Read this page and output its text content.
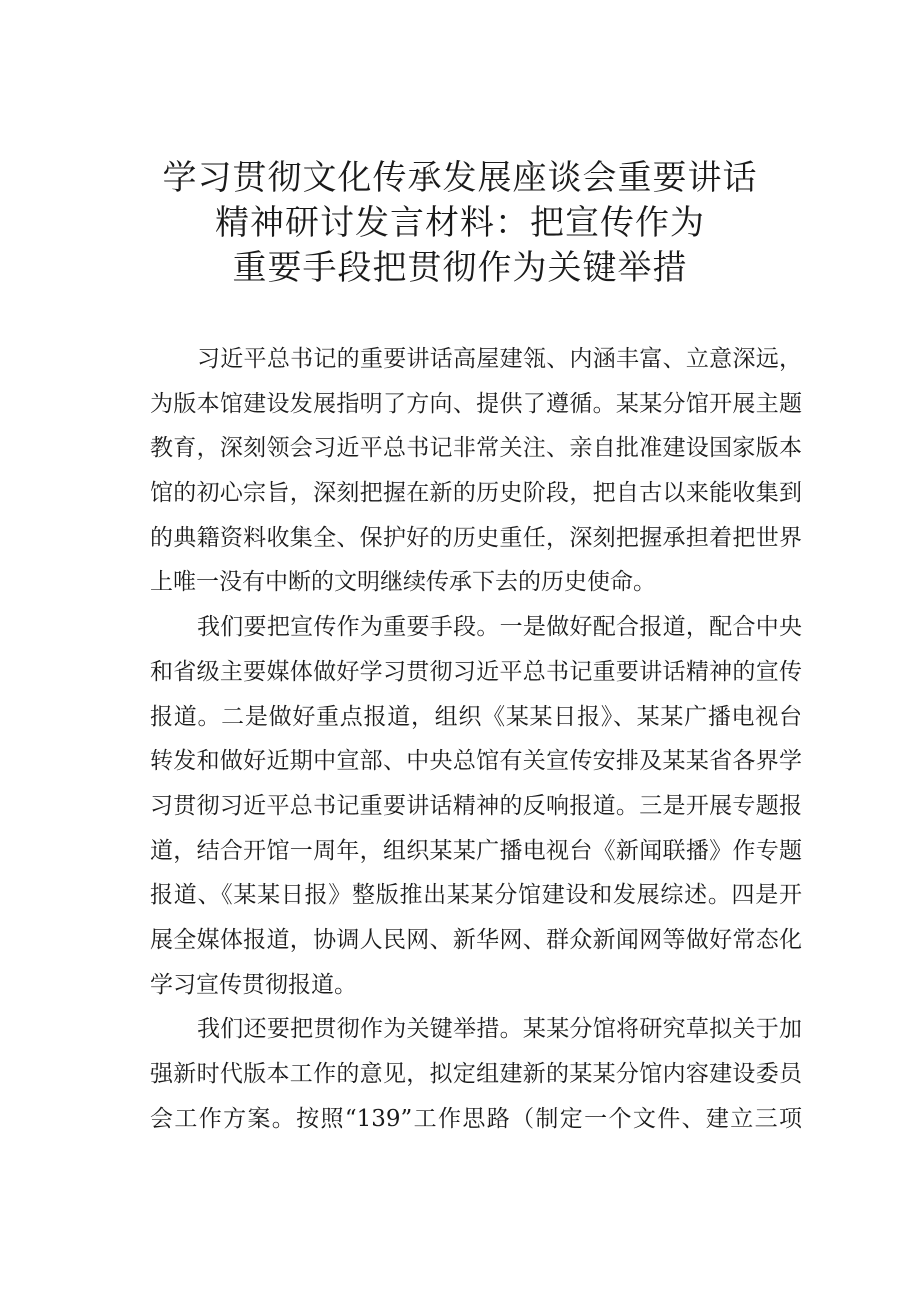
学习贯彻文化传承发展座谈会重要讲话
精神研讨发言材料：把宣传作为
重要手段把贯彻作为关键举措
习近平总书记的重要讲话高屋建瓴、内涵丰富、立意深远，
为版本馆建设发展指明了方向、提供了遵循。某某分馆开展主题
教育，深刻领会习近平总书记非常关注、亲自批准建设国家版本
馆的初心宗旨，深刻把握在新的历史阶段，把自古以来能收集到
的典籍资料收集全、保护好的历史重任，深刻把握承担着把世界
上唯一没有中断的文明继续传承下去的历史使命。
我们要把宣传作为重要手段。一是做好配合报道，配合中央
和省级主要媒体做好学习贯彻习近平总书记重要讲话精神的宣传
报道。二是做好重点报道，组织《某某日报》、某某广播电视台
转发和做好近期中宣部、中央总馆有关宣传安排及某某省各界学
习贯彻习近平总书记重要讲话精神的反响报道。三是开展专题报
道，结合开馆一周年，组织某某广播电视台《新闻联播》作专题
报道、《某某日报》整版推出某某分馆建设和发展综述。四是开
展全媒体报道，协调人民网、新华网、群众新闻网等做好常态化
学习宣传贯彻报道。
我们还要把贯彻作为关键举措。某某分馆将研究草拟关于加
强新时代版本工作的意见，拟定组建新的某某分馆内容建设委员
会工作方案。按照“139”工作思路（制定一个文件、建立三项
